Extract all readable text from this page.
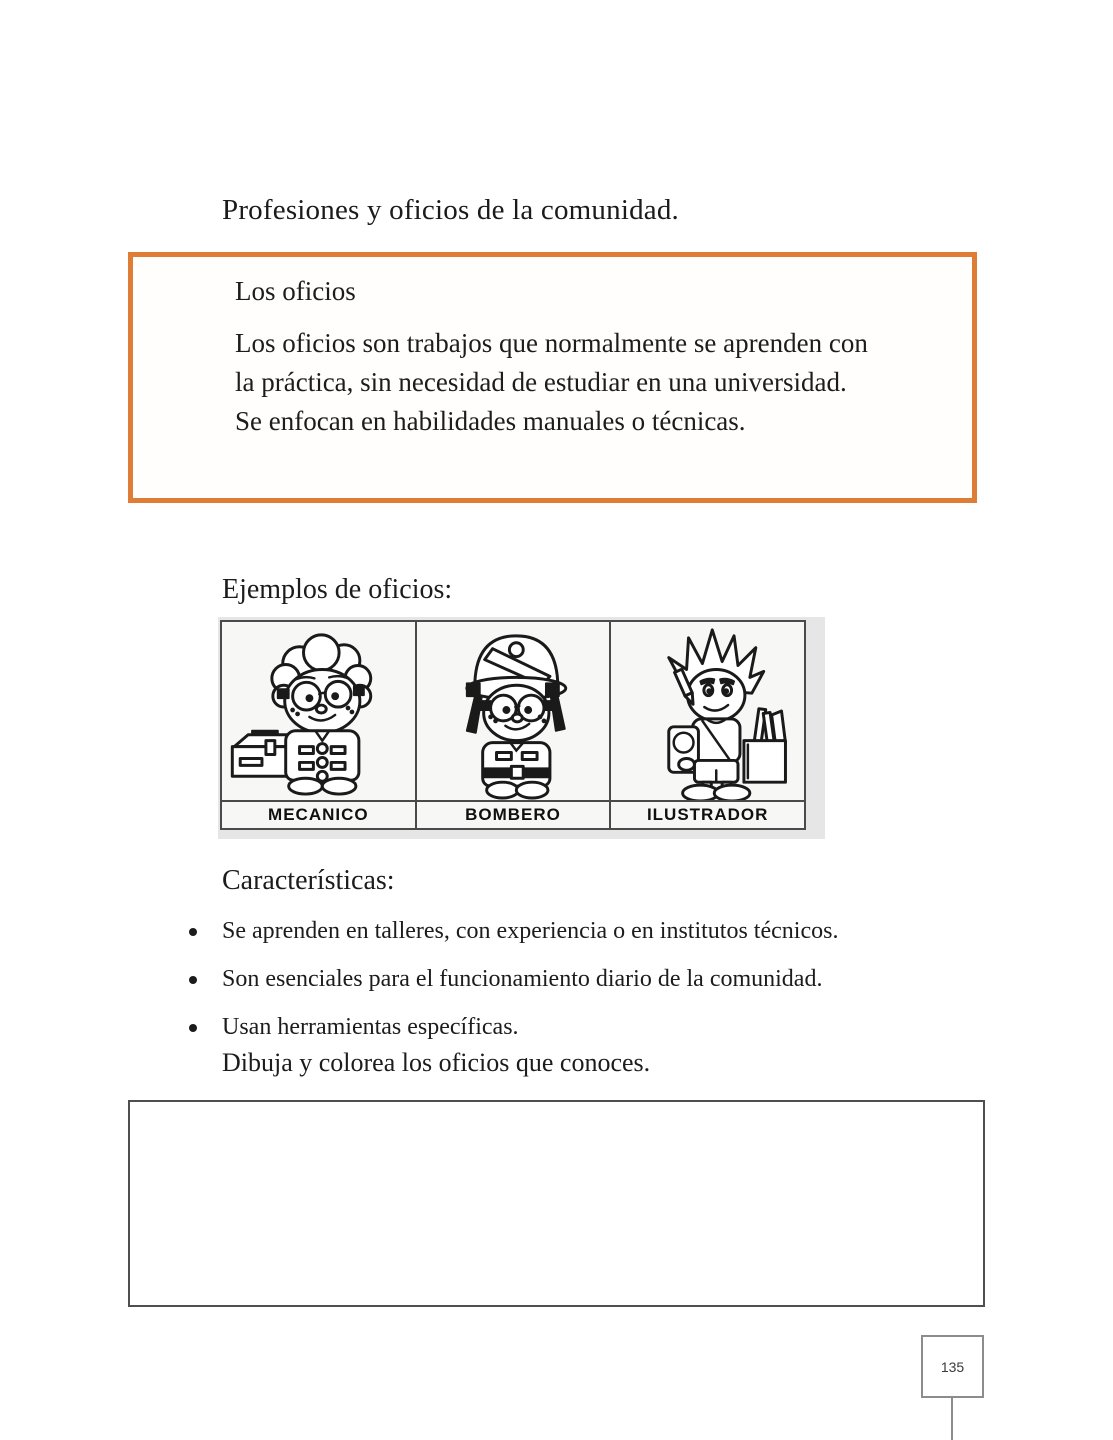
Profesiones y oficios de la comunidad.
Los oficios
Los oficios son trabajos que normalmente se aprenden con
la práctica, sin necesidad de estudiar en una universidad.
Se enfocan en habilidades manuales o técnicas.
Ejemplos de oficios:
MECANICO	BOMBERO	ILUSTRADOR
Características:
Se aprenden en talleres, con experiencia o en institutos técnicos.
Son esenciales para el funcionamiento diario de la comunidad.
Usan herramientas específicas.
Dibuja y colorea los oficios que conoces.
135
